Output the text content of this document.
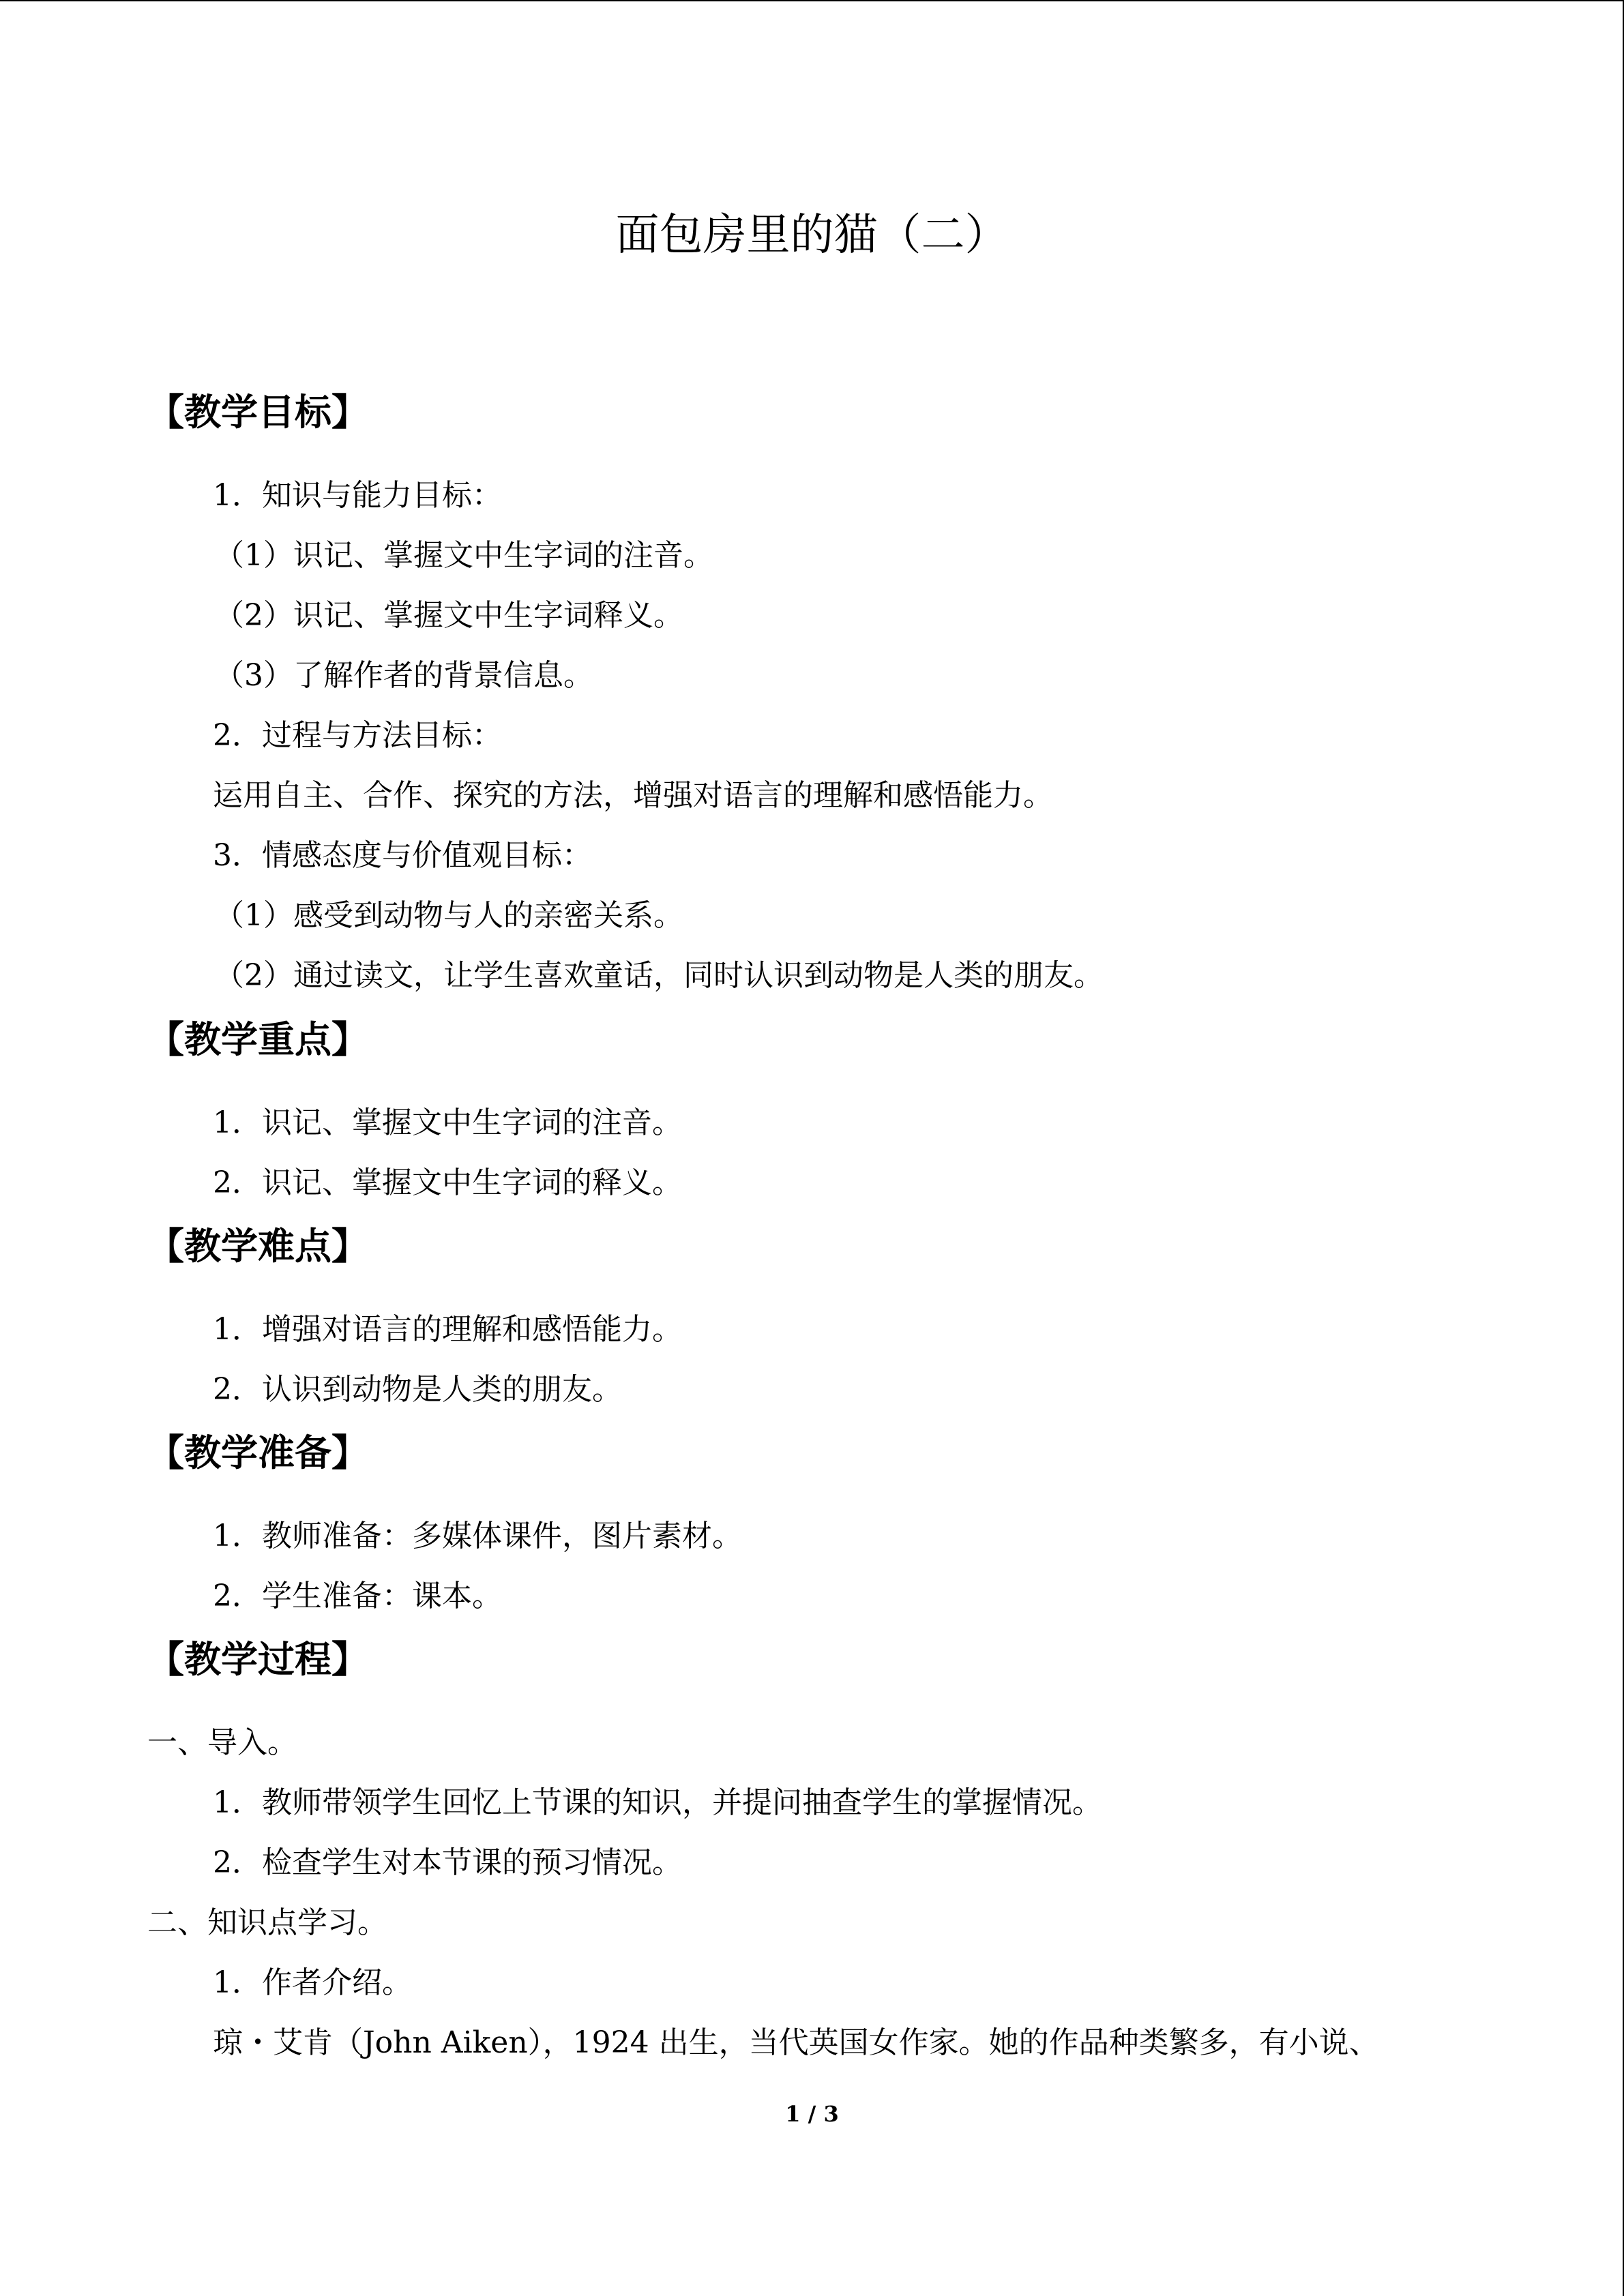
面包房里的猫（二）
【教学目标】
1．知识与能力目标：
（1）识记、掌握文中生字词的注音。
（2）识记、掌握文中生字词释义。
（3）了解作者的背景信息。
2．过程与方法目标：
运用自主、合作、探究的方法，增强对语言的理解和感悟能力。
3．情感态度与价值观目标：
（1）感受到动物与人的亲密关系。
（2）通过读文，让学生喜欢童话，同时认识到动物是人类的朋友。
【教学重点】
1．识记、掌握文中生字词的注音。
2．识记、掌握文中生字词的释义。
【教学难点】
1．增强对语言的理解和感悟能力。
2．认识到动物是人类的朋友。
【教学准备】
1．教师准备：多媒体课件，图片素材。
2．学生准备：课本。
【教学过程】
一、导入。
1．教师带领学生回忆上节课的知识，并提问抽查学生的掌握情况。
2．检查学生对本节课的预习情况。
二、知识点学习。
1．作者介绍。
琼・艾肯（John Aiken），1924 出生，当代英国女作家。她的作品种类繁多，有小说、
1 / 3
